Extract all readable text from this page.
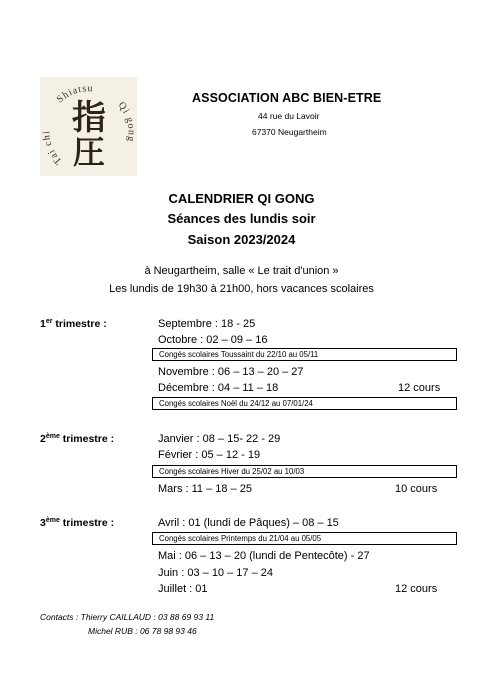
Tai chi
Shiatsu
Qi gong
指
圧
ASSOCIATION ABC BIEN-ETRE
44 rue du Lavoir
67370 Neugartheim
CALENDRIER QI GONG
Séances des lundis soir
Saison 2023/2024
à Neugartheim, salle « Le trait d'union »
Les lundis de 19h30 à 21h00, hors vacances scolaires
1er trimestre :	Septembre : 18 - 25
Octobre : 02 – 09 – 16
Congés scolaires Toussaint du 22/10 au 05/11
Novembre : 06 – 13 – 20 – 27
Décembre : 04 – 11 – 18	12 cours
Congés scolaires Noël du 24/12 au 07/01/24
2ème trimestre :	Janvier : 08 – 15- 22 - 29
Février : 05 – 12 - 19
Congés scolaires Hiver du 25/02 au 10/03
Mars : 11 – 18 – 25	10 cours
3ème trimestre :	Avril : 01 (lundi de Pâques) – 08 – 15
Congés scolaires Printemps du 21/04 au 05/05
Mai : 06 – 13 – 20 (lundi de Pentecôte) - 27
Juin : 03 – 10 – 17 – 24
Juillet : 01	12 cours
Contacts : Thierry CAILLAUD : 03 88 69 93 11
Michel RUB : 06 78 98 93 46
